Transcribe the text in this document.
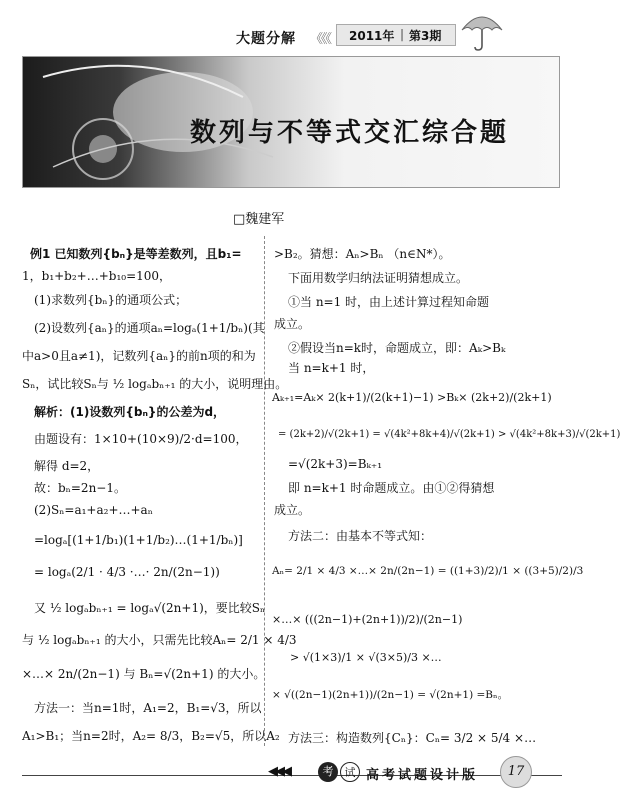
大题分解 《《《 2011年 | 第3期
数列与不等式交汇综合题
□魏建军
例1 已知数列{bₙ}是等差数列，且b₁=
1，b₁+b₂+…+b₁₀=100，
(1)求数列{bₙ}的通项公式；
(2)设数列{aₙ}的通项aₙ=logₐ(1+1/bₙ)(其
中a>0且a≠1)，记数列{aₙ}的前n项的和为
Sₙ，试比较Sₙ与 ½ logₐbₙ₊₁ 的大小，说明理由。
解析：(1)设数列{bₙ}的公差为d，
由题设有：1×10+(10×9)/2·d=100，
解得 d=2，
故：bₙ=2n−1。
(2)Sₙ=a₁+a₂+…+aₙ
=logₐ[(1+1/b₁)(1+1/b₂)…(1+1/bₙ)]
= logₐ(2/1 · 4/3 ·…· 2n/(2n−1))
又 ½ logₐbₙ₊₁ = logₐ√(2n+1)，要比较Sₙ
与 ½ logₐbₙ₊₁ 的大小，只需先比较Aₙ= 2/1 × 4/3
×…× 2n/(2n−1) 与 Bₙ=√(2n+1) 的大小。
方法一：当n=1时，A₁=2，B₁=√3，所以
A₁>B₁；当n=2时，A₂= 8/3，B₂=√5，所以A₂
>B₂。猜想：Aₙ>Bₙ （n∈N*）。
下面用数学归纳法证明猜想成立。
①当 n=1 时，由上述计算过程知命题
成立。
②假设当n=k时，命题成立，即：Aₖ>Bₖ
当 n=k+1 时，
Aₖ₊₁=Aₖ× 2(k+1)/(2(k+1)−1) >Bₖ× (2k+2)/(2k+1)
= (2k+2)/√(2k+1) = √(4k²+8k+4)/√(2k+1) > √(4k²+8k+3)/√(2k+1)
=√(2k+3)=Bₖ₊₁
即 n=k+1 时命题成立。由①②得猜想
成立。
方法二：由基本不等式知：
Aₙ= 2/1 × 4/3 ×…× 2n/(2n−1) = ((1+3)/2)/1 × ((3+5)/2)/3
×…× (((2n−1)+(2n+1))/2)/(2n−1)
> √(1×3)/1 × √(3×5)/3 ×…
× √((2n−1)(2n+1))/(2n−1) = √(2n+1) =Bₙ。
方法三：构造数列{Cₙ}：Cₙ= 3/2 × 5/4 ×…
◀◀◀	考	试 高考试题设计版	17
